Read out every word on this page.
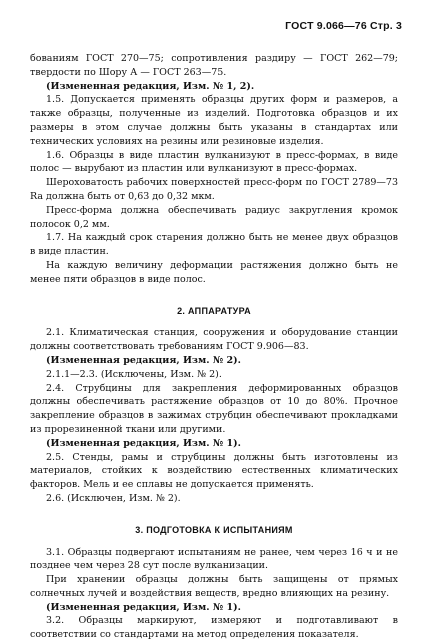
ГОСТ 9.066—76 Стр. 3

бованиям ГОСТ 270—75; сопротивления раздиру — ГОСТ 262—79; твердости по Шору А — ГОСТ 263—75.

(Измененная редакция, Изм. № 1, 2).

1.5. Допускается применять образцы других форм и размеров, а также образцы, полученные из изделий. Подготовка образцов и их размеры в этом случае должны быть указаны в стандартах или технических условиях на резины или резиновые изделия.

1.6. Образцы в виде пластин вулканизуют в пресс-формах, в виде полос — вырубают из пластин или вулканизуют в пресс-формах.

Шероховатость рабочих поверхностей пресс-форм по ГОСТ 2789—73 Ra должна быть от 0,63 до 0,32 мкм.

Пресс-форма должна обеспечивать радиус закругления кромок полосок 0,2 мм.

1.7. На каждый срок старения должно быть не менее двух образцов в виде пластин.

На каждую величину деформации растяжения должно быть не менее пяти образцов в виде полос.

2. АППАРАТУРА

2.1. Климатическая станция, сооружения и оборудование станции должны соответствовать требованиям ГОСТ 9.906—83.

(Измененная редакция, Изм. № 2).

2.1.1—2.3. (Исключены, Изм. № 2).

2.4. Струбцины для закрепления деформированных образцов должны обеспечивать растяжение образцов от 10 до 80%. Прочное закрепление образцов в зажимах струбцин обеспечивают прокладками из прорезиненной ткани или другими.

(Измененная редакция, Изм. № 1).

2.5. Стенды, рамы и струбцины должны быть изготовлены из материалов, стойких к воздействию естественных климатических факторов. Мель и ее сплавы не допускается применять.

2.6. (Исключен, Изм. № 2).

3. ПОДГОТОВКА К ИСПЫТАНИЯМ

3.1. Образцы подвергают испытаниям не ранее, чем через 16 ч и не позднее чем через 28 сут после вулканизации.

При хранении образцы должны быть защищены от прямых солнечных лучей и воздействия веществ, вредно влияющих на резину.

(Измененная редакция, Изм. № 1).

3.2. Образцы маркируют, измеряют и подготавливают в соответствии со стандартами на метод определения показателя.
